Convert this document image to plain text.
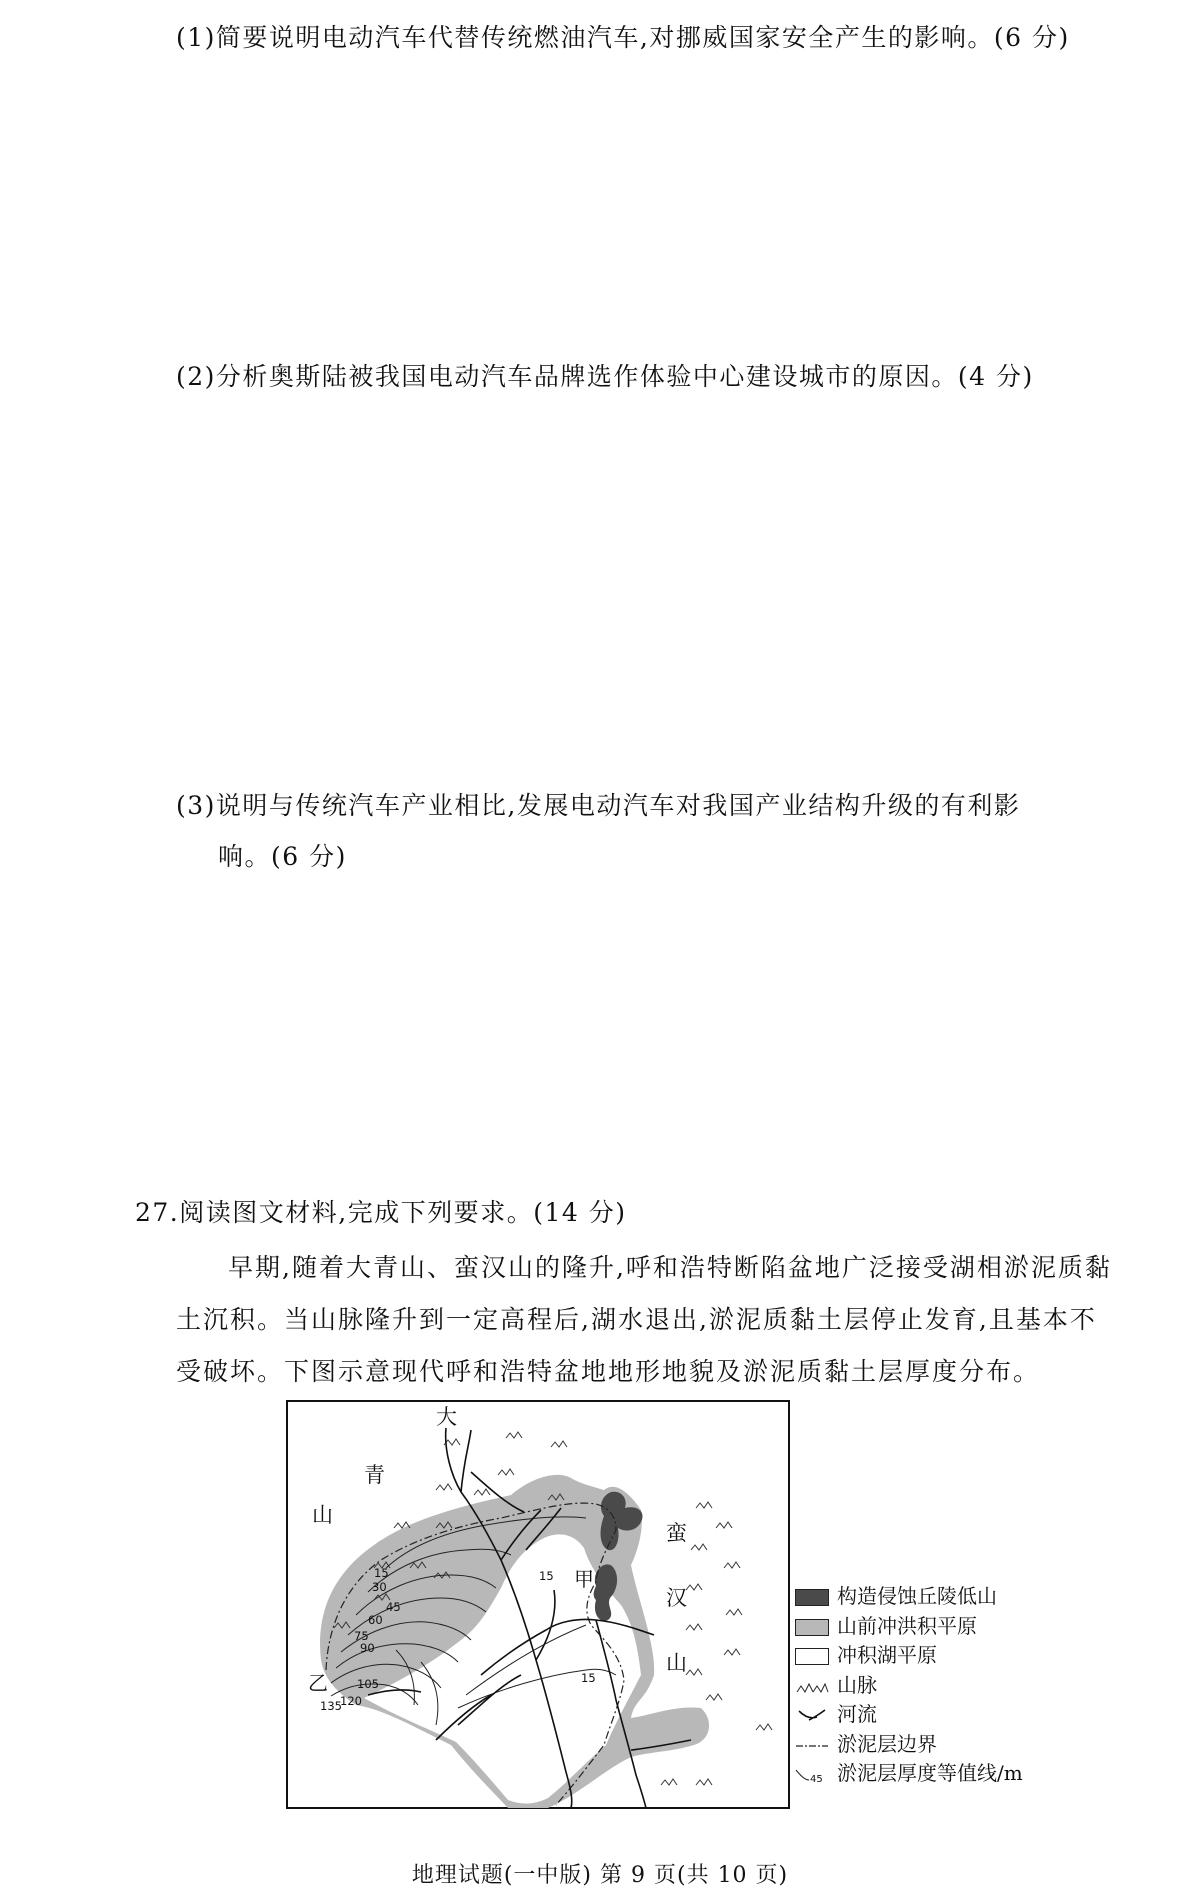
(1)简要说明电动汽车代替传统燃油汽车,对挪威国家安全产生的影响。(6 分)
(2)分析奥斯陆被我国电动汽车品牌选作体验中心建设城市的原因。(4 分)
(3)说明与传统汽车产业相比,发展电动汽车对我国产业结构升级的有利影
响。(6 分)
27.阅读图文材料,完成下列要求。(14 分)
早期,随着大青山、蛮汉山的隆升,呼和浩特断陷盆地广泛接受湖相淤泥质黏
土沉积。当山脉隆升到一定高程后,湖水退出,淤泥质黏土层停止发育,且基本不
受破坏。下图示意现代呼和浩特盆地地形地貌及淤泥质黏土层厚度分布。
15
30
45
60
75
90
105
120
135
15
15
大
青
山
蛮
汉
山
甲
乙
构造侵蚀丘陵低山
山前冲洪积平原
冲积湖平原
山脉
河流
淤泥层边界
45 淤泥层厚度等值线/m
地理试题(一中版) 第 9 页(共 10 页)
